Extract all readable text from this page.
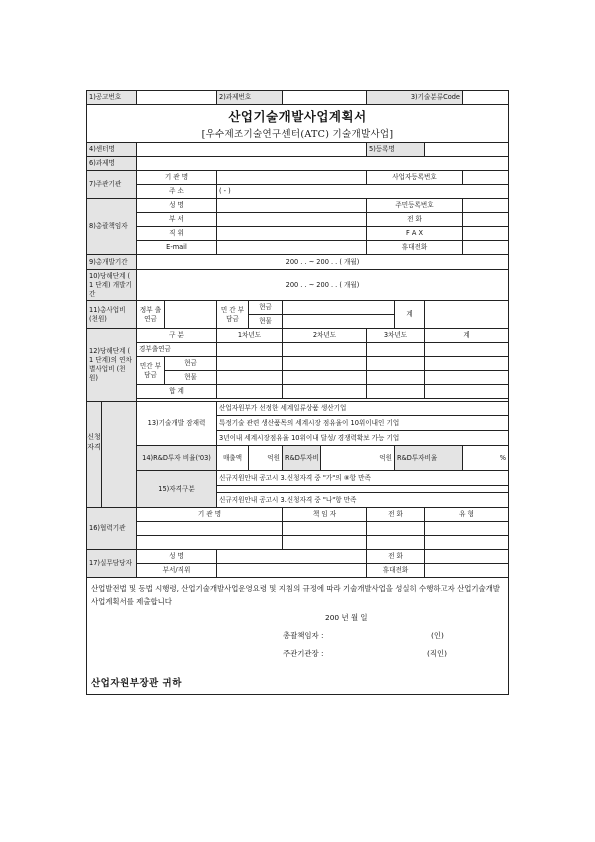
1)공고번호			2)과제번호				3)기술분류Code			
산업기술개발사업계획서										
[우수제조기술연구센터(ATC) 기술개발사업]										
4)센터명							5)등록명			
6)과제명										
7)주관기관	기 관 명						사업자등록번호			
	주 소		( - )							
8)총괄책임자	성 명						주민등록번호			
	부 서						전 화			
	직 위						F A X			
	E-mail						휴대전화			
9)총개발기간	200 . . ~ 200 . . ( 개월)									
10)당해단계 ( 1 단계) 개발기간	200 . . ~ 200 . . ( 개월)									
11)총사업비 (천원)	정부 출연금		민 간 부담금	현금				계		
				현물						
12)당해단계 ( 1 단계)의 연차별사업비 (천원)	구 분		1차년도		2차년도		3차년도		계	
	경부출연금									
	민간 부담금	현금								
		현물								
	합 계									

신청자격	13)기술개발 잠재력		산업자원부가 선정한 세계일류상품 생산기업							
			특정기술 관련 생산품목의 세계시장 점유율이 10위이내인 기업							
			3년이내 세계시장점유율 10위이내 달성/ 경쟁력확보 가능 기업							
	14)R&D투자 비율('03)		매출액	억원	R&D투자비	억원		R&D투자비율		%
	15)자격구분		신규지원안내 공고시 3.신청자격 중 "가"의 ⑧항 만족							

			신규지원안내 공고시 3.신청자격 중 "나"항 만족							
16)협력기관	기 관 명				책 임 자		전 화		유 형	

17)실무담당자	성 명						전 화			
	부서/직위						휴대전화			
산업발전법 및 동법 시행령, 산업기술개발사업운영요령 및 지침의 규정에 따라 기술개발사업을 성실히 수행하고자 산업기술개발사업계획서를 제출합니다										

200 년 월 일
총괄책임자 : (인)
주관기관장 : (직인)										

산업자원부장관 귀하										
